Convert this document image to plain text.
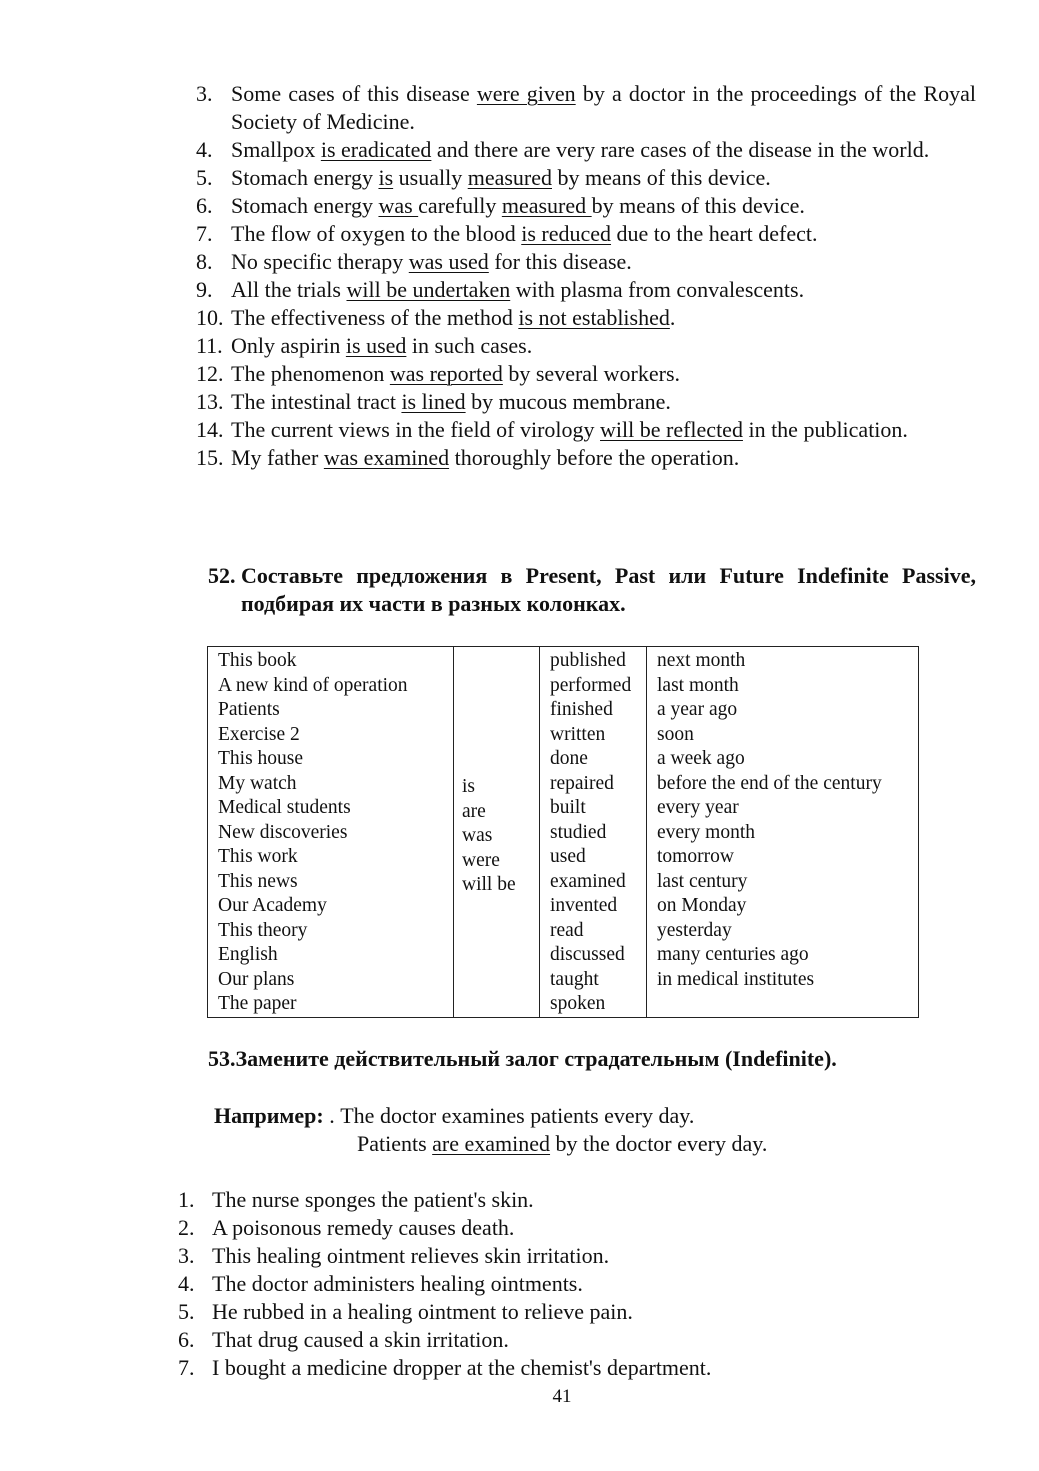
3. Some cases of this disease were given by a doctor in the proceedings of the Royal Society of Medicine.
4. Smallpox is eradicated and there are very rare cases of the disease in the world.
5. Stomach energy is usually measured by means of this device.
6. Stomach energy was carefully measured by means of this device.
7. The flow of oxygen to the blood is reduced due to the heart defect.
8. No specific therapy was used for this disease.
9. All the trials will be undertaken with plasma from convalescents.
10. The effectiveness of the method is not established.
11. Only aspirin is used in such cases.
12. The phenomenon was reported by several workers.
13. The intestinal tract is lined by mucous membrane.
14. The current views in the field of virology will be reflected in the publication.
15. My father was examined thoroughly before the operation.
52. Составьте предложения в Present, Past или Future Indefinite Passive, подбирая их части в разных колонках.
This book
A new kind of operation
Patients
Exercise 2
This house
My watch
Medical students
New discoveries
This work
This news
Our Academy
This theory
English
Our plans
The paper

is
are
was
were
will be

published
performed
finished
written
done
repaired
built
studied
used
examined
invented
read
discussed
taught
spoken

next month
last month
a year ago
soon
a week ago
before the end of the century
every year
every month
tomorrow
last century
on Monday
yesterday
many centuries ago
in medical institutes
53.Замените действительный залог страдательным (Indefinite).
Например: . The doctor examines patients every day.
Patients are examined by the doctor every day.
1. The nurse sponges the patient's skin.
2. A poisonous remedy causes death.
3. This healing ointment relieves skin irritation.
4. The doctor administers healing ointments.
5. He rubbed in a healing ointment to relieve pain.
6. That drug caused a skin irritation.
7. I bought a medicine dropper at the chemist's department.
41
